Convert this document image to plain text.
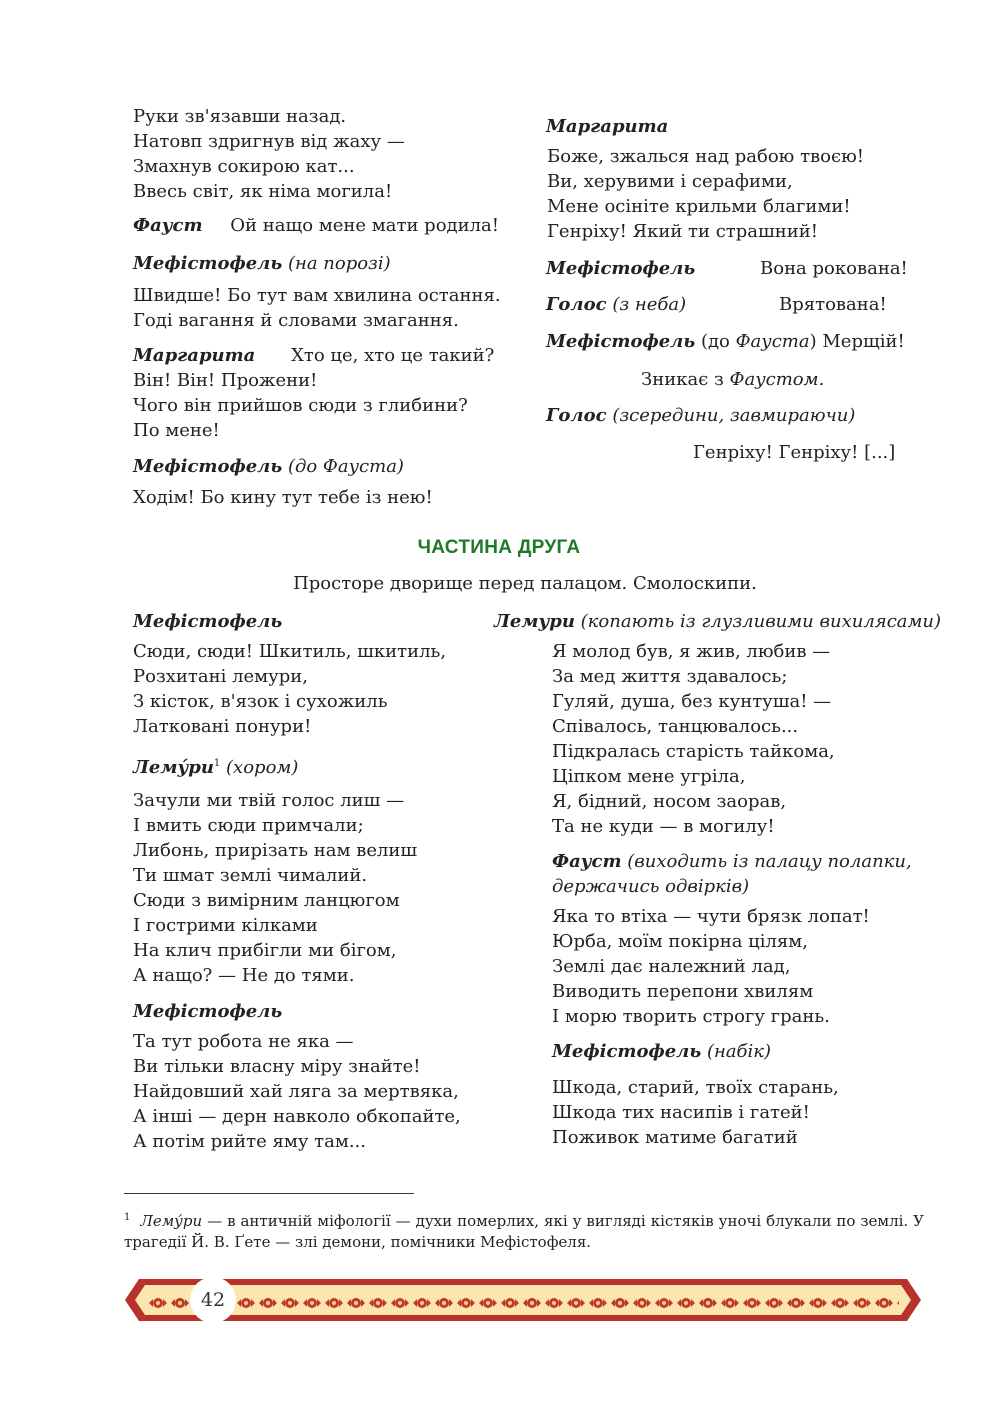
Руки зв'язавши назад.
Натовп здригнув від жаху —
Змахнув сокирою кат...
Ввесь світ, як німа могила!
Фауст Ой нащо мене мати родила!
Мефістофель (на порозі)
Швидше! Бо тут вам хвилина остання.
Годі вагання й словами змагання.
Маргарита Хто це, хто це такий?
Він! Він! Прожени!
Чого він прийшов сюди з глибини?
По мене!
Мефістофель (до Фауста)
Ходім! Бо кину тут тебе із нею!
Маргарита
Боже, зжалься над рабою твоєю!
Ви, херувими і серафими,
Мене осініте крильми благими!
Генріху! Який ти страшний!
Мефістофель	Вона рокована!
Голос (з неба)	Врятована!
Мефістофель (до Фауста) Мерщій!
Зникає з Фаустом.
Голос (зсередини, завмираючи)
Генріху! Генріху! [...]
ЧАСТИНА ДРУГА
Просторе дворище перед палацом. Смолоскипи.
Мефістофель
Сюди, сюди! Шкитиль, шкитиль,
Розхитані лемури,
З кісток, в'язок і сухожиль
Латковані понури!
$Лему́ри^1$ (хором)
Зачули ми твій голос лиш —
І вмить сюди примчали;
Либонь, прирізать нам велиш
Ти шмат землі чималий.
Сюди з вимірним ланцюгом
І гострими кілками
На клич прибігли ми бігом,
А нащо? — Не до тями.
Мефістофель
Та тут робота не яка —
Ви тільки власну міру знайте!
Найдовший хай ляга за мертвяка,
А інші — дерн навколо обкопайте,
А потім рийте яму там...
Лемури (копають із глузливими вихилясами)
Я молод був, я жив, любив —
За мед життя здавалось;
Гуляй, душа, без кунтуша! —
Співалось, танцювалось...
Підкралась старість тайкома,
Ціпком мене угріла,
Я, бідний, носом заорав,
Та не куди — в могилу!
Фауст (виходить із палацу полапки,
держачись одвірків)
Яка то втіха — чути брязк лопат!
Юрба, моїм покірна цілям,
Землі дає належний лад,
Виводить перепони хвилям
І морю творить строгу грань.
Мефістофель (набік)
Шкода, старий, твоїх старань,
Шкода тих насипів і гатей!
Поживок матиме багатий
$^1$ Лему́ри — в античній міфології — духи померлих, які у вигляді кістяків уночі блукали по землі. У трагедії Й. В. Ґете — злі демони, помічники Мефістофеля.
42
